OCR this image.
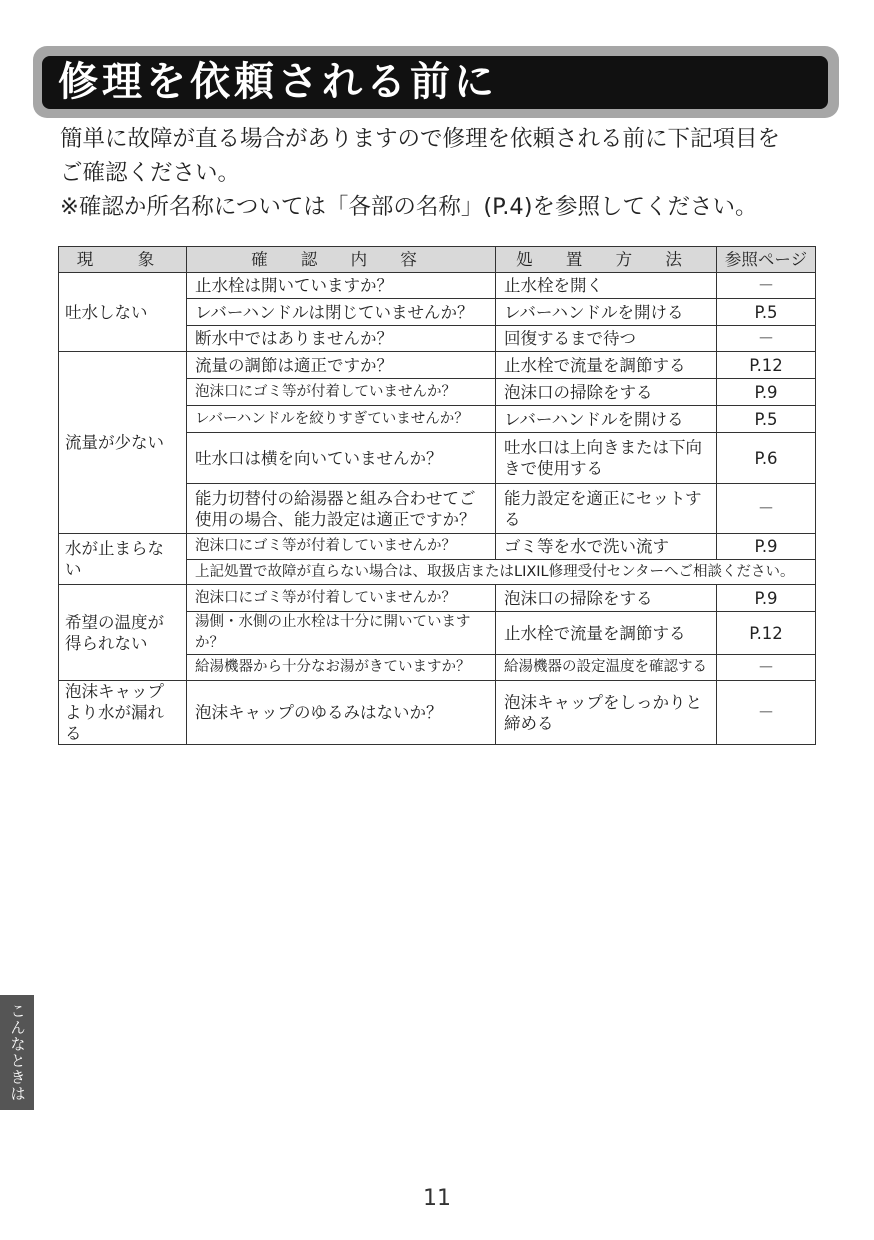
修理を依頼される前に

簡単に故障が直る場合がありますので修理を依頼される前に下記項目を

ご確認ください。

※確認か所名称については「各部の名称」(P.4)を参照してください。

現　象	確 認 内 容	処 置 方 法	参照ページ
吐水しない	止水栓は開いていますか？	止水栓を開く	－
	レバーハンドルは閉じていませんか？	レバーハンドルを開ける	P.5
	断水中ではありませんか？	回復するまで待つ	－
流量が少ない	流量の調節は適正ですか？	止水栓で流量を調節する	P.12
	泡沫口にゴミ等が付着していませんか？	泡沫口の掃除をする	P.9
	レバーハンドルを絞りすぎていませんか？	レバーハンドルを開ける	P.5
	吐水口は横を向いていませんか？	吐水口は上向きまたは下向きで使用する	P.6
	能力切替付の給湯器と組み合わせてご使用の場合、能力設定は適正ですか？	能力設定を適正にセットする	－
水が止まらない	泡沫口にゴミ等が付着していませんか？	ゴミ等を水で洗い流す	P.9
	上記処置で故障が直らない場合は、取扱店またはLIXIL修理受付センターへご相談ください。		
希望の温度が得られない	泡沫口にゴミ等が付着していませんか？	泡沫口の掃除をする	P.9
	湯側・水側の止水栓は十分に開いていますか？	止水栓で流量を調節する	P.12
	給湯機器から十分なお湯がきていますか？	給湯機器の設定温度を確認する	－
泡沫キャップより水が漏れる	泡沫キャップのゆるみはないか？	泡沫キャップをしっかりと締める	－
こんなときは
11
